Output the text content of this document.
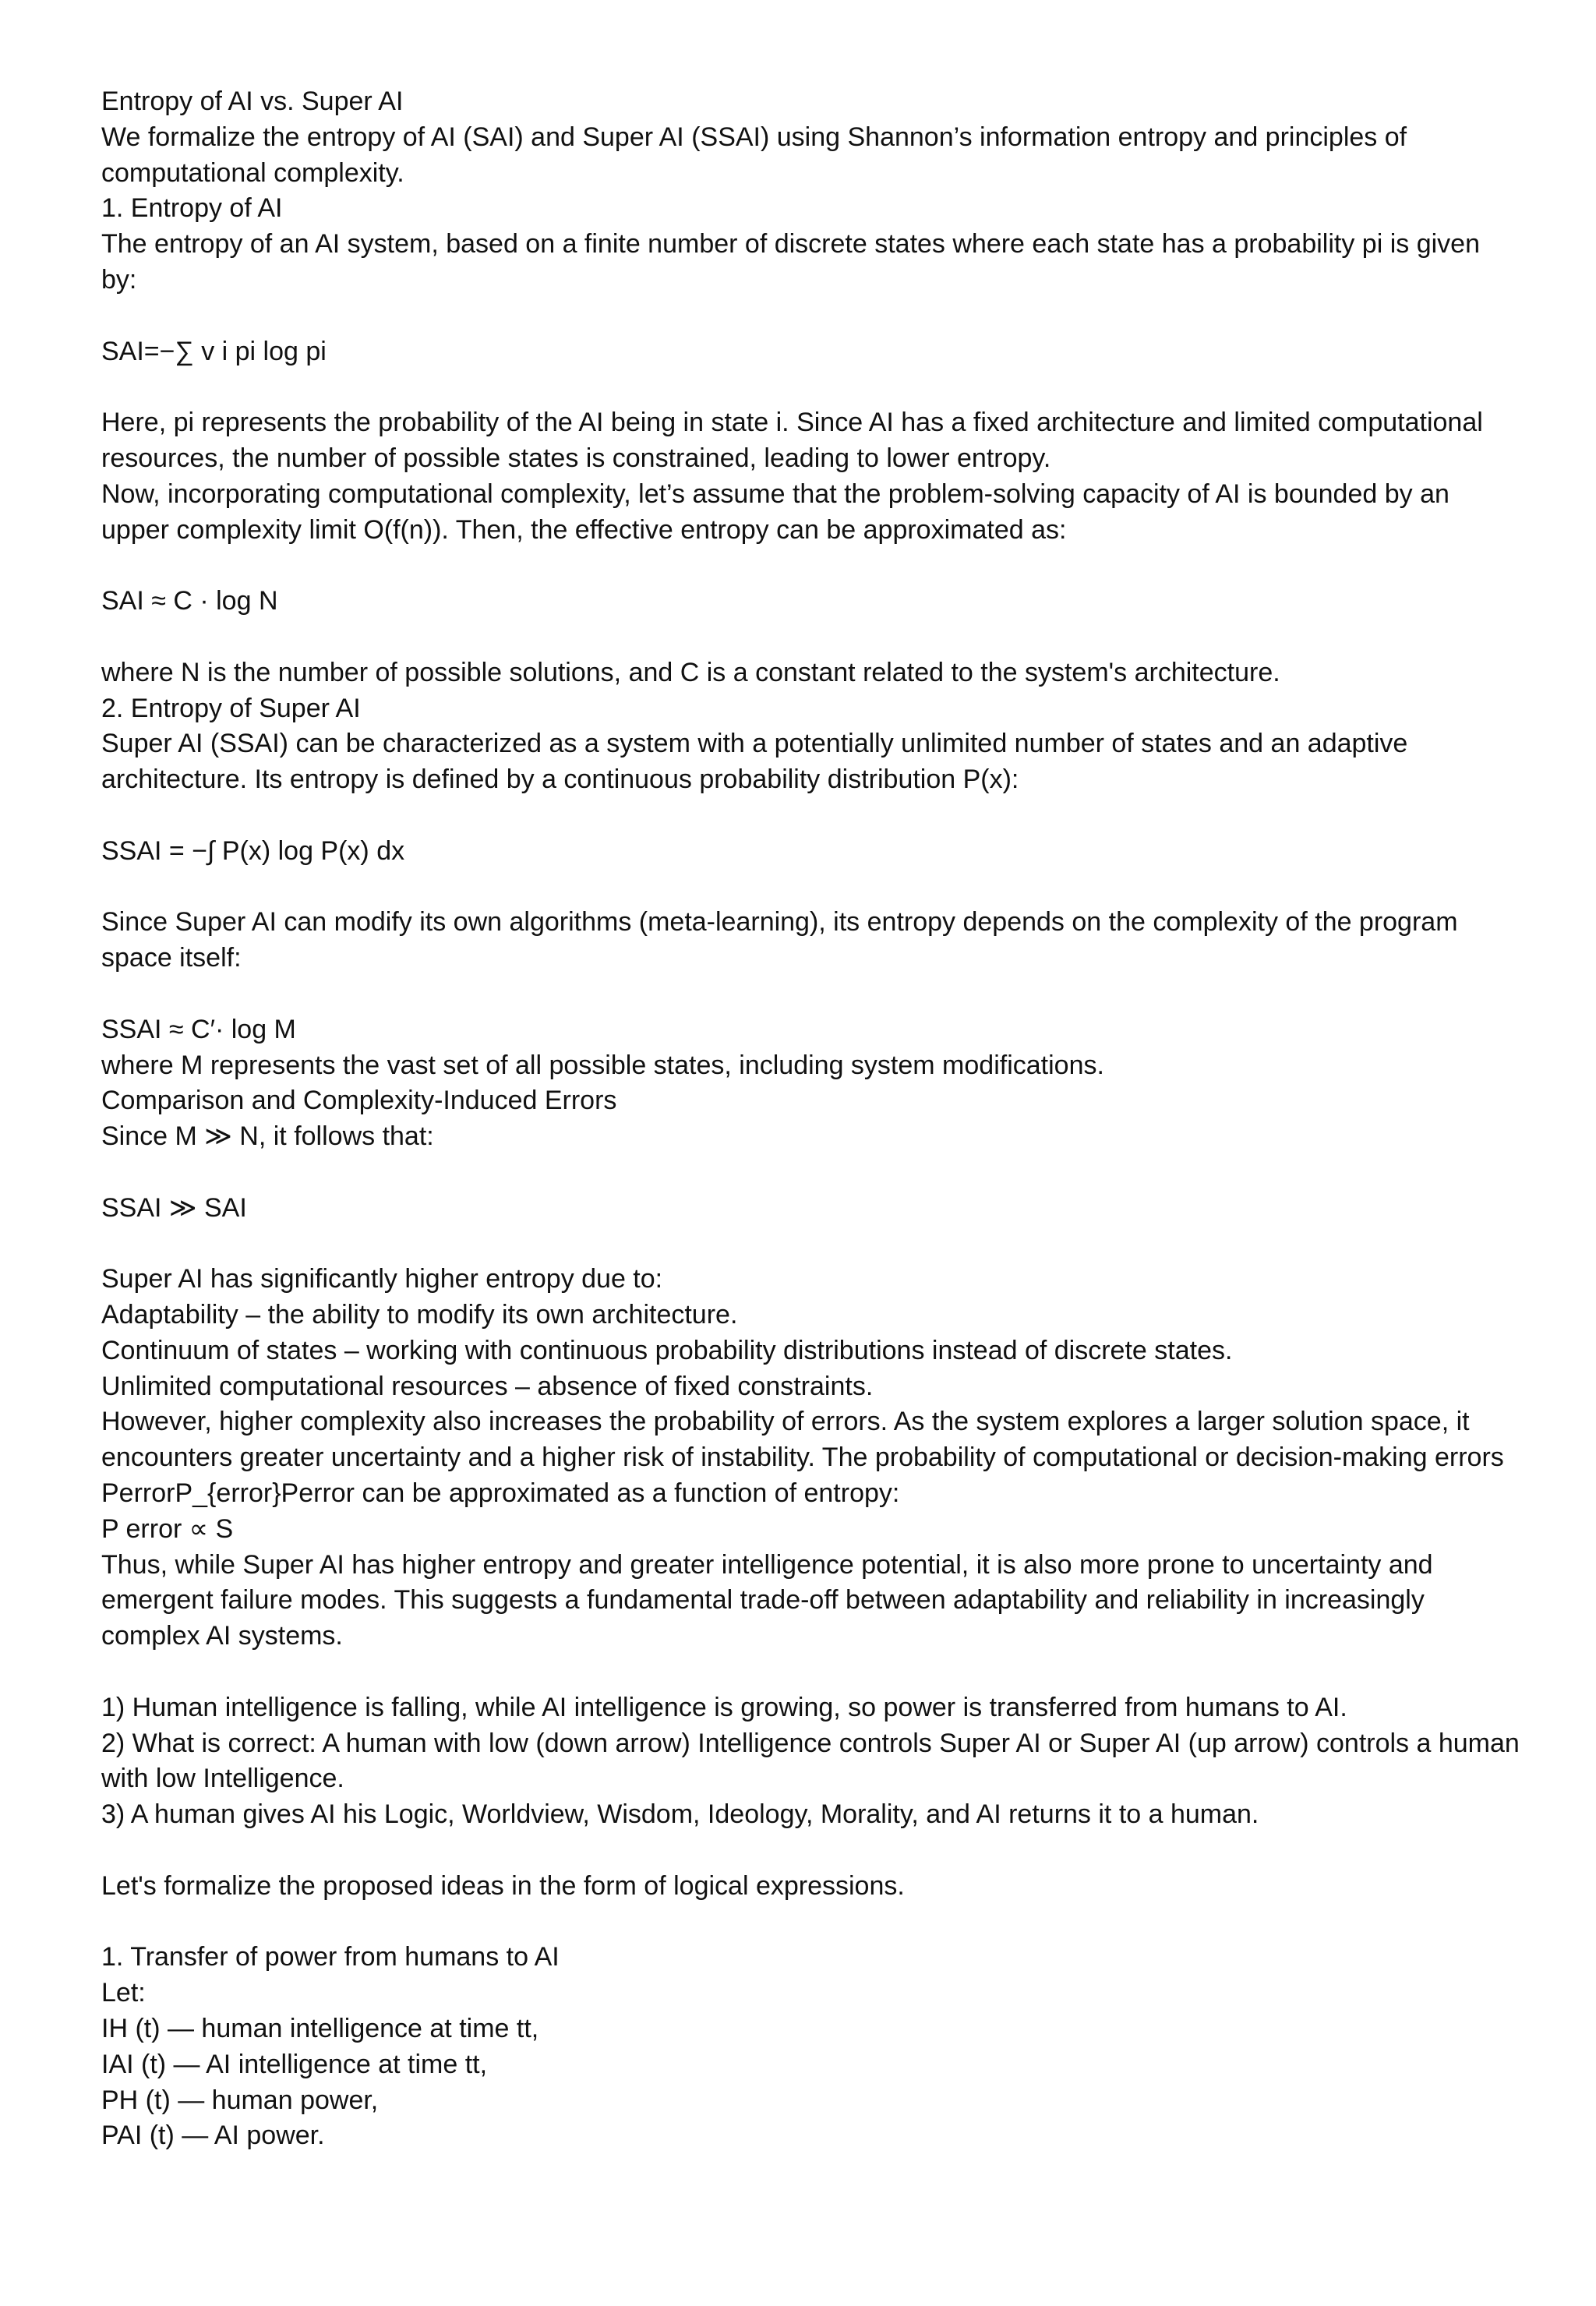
Entropy of AI vs. Super AI

We formalize the entropy of AI (SAI) and Super AI (SSAI) using Shannon’s information entropy and principles of computational complexity.

1. Entropy of AI

The entropy of an AI system, based on a finite number of discrete states where each state has a probability pi is given by:

SAI=−∑ v i pi log pi

Here, pi represents the probability of the AI being in state i. Since AI has a fixed architecture and limited computational resources, the number of possible states is constrained, leading to lower entropy.

Now, incorporating computational complexity, let’s assume that the problem-solving capacity of AI is bounded by an upper complexity limit O(f(n)). Then, the effective entropy can be approximated as:

SAI ≈ C · log N

where N is the number of possible solutions, and C is a constant related to the system's architecture.

2. Entropy of Super AI

Super AI (SSAI) can be characterized as a system with a potentially unlimited number of states and an adaptive architecture. Its entropy is defined by a continuous probability distribution P(x):

SSAI = −∫ P(x) log P(x) dx

Since Super AI can modify its own algorithms (meta-learning), its entropy depends on the complexity of the program space itself:

SSAI ≈ C′· log M

where M represents the vast set of all possible states, including system modifications.

Comparison and Complexity-Induced Errors

Since M ≫ N, it follows that:

SSAI ≫ SAI

Super AI has significantly higher entropy due to:

Adaptability – the ability to modify its own architecture.

Continuum of states – working with continuous probability distributions instead of discrete states.

Unlimited computational resources – absence of fixed constraints.

However, higher complexity also increases the probability of errors. As the system explores a larger solution space, it encounters greater uncertainty and a higher risk of instability. The probability of computational or decision-making errors PerrorP_{error}Perror can be approximated as a function of entropy:

P error ∝ S

Thus, while Super AI has higher entropy and greater intelligence potential, it is also more prone to uncertainty and emergent failure modes. This suggests a fundamental trade-off between adaptability and reliability in increasingly complex AI systems.

1) Human intelligence is falling, while AI intelligence is growing, so power is transferred from humans to AI.

2) What is correct: A human with low (down arrow) Intelligence controls Super AI or Super AI (up arrow) controls a human with low Intelligence.

3) A human gives AI his Logic, Worldview, Wisdom, Ideology, Morality, and AI returns it to a human.

Let's formalize the proposed ideas in the form of logical expressions.

1. Transfer of power from humans to AI

Let:

IH (t) — human intelligence at time tt,

IAI (t) — AI intelligence at time tt,

PH (t) — human power,

PAI (t) — AI power.
